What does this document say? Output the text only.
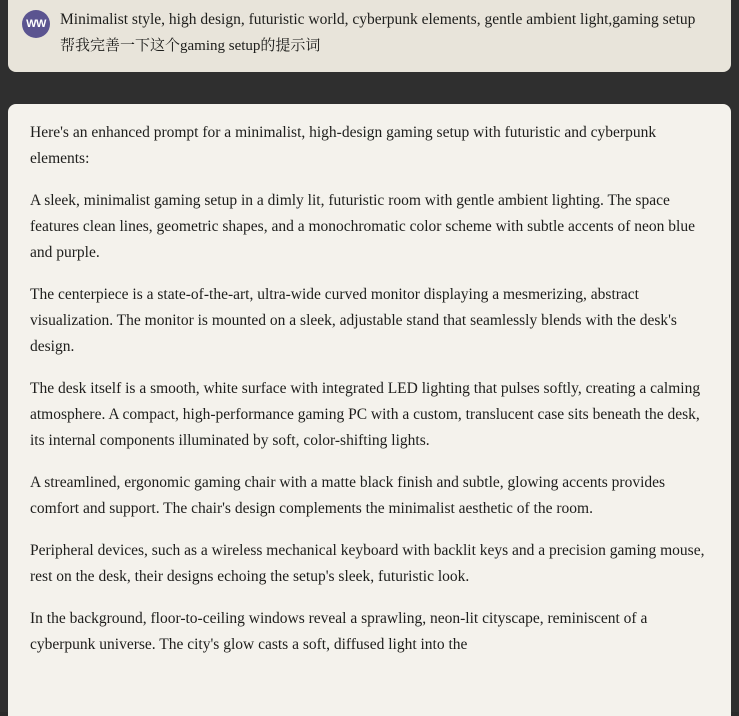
WW Minimalist style, high design, futuristic world, cyberpunk elements, gentle ambient light,gaming setup
帮我完善一下这个gaming setup的提示词

Here's an enhanced prompt for a minimalist, high-design gaming setup with futuristic and cyberpunk elements:

A sleek, minimalist gaming setup in a dimly lit, futuristic room with gentle ambient lighting. The space features clean lines, geometric shapes, and a monochromatic color scheme with subtle accents of neon blue and purple.

The centerpiece is a state-of-the-art, ultra-wide curved monitor displaying a mesmerizing, abstract visualization. The monitor is mounted on a sleek, adjustable stand that seamlessly blends with the desk's design.

The desk itself is a smooth, white surface with integrated LED lighting that pulses softly, creating a calming atmosphere. A compact, high-performance gaming PC with a custom, translucent case sits beneath the desk, its internal components illuminated by soft, color-shifting lights.

A streamlined, ergonomic gaming chair with a matte black finish and subtle, glowing accents provides comfort and support. The chair's design complements the minimalist aesthetic of the room.

Peripheral devices, such as a wireless mechanical keyboard with backlit keys and a precision gaming mouse, rest on the desk, their designs echoing the setup's sleek, futuristic look.

In the background, floor-to-ceiling windows reveal a sprawling, neon-lit cityscape, reminiscent of a cyberpunk universe. The city's glow casts a soft, diffused light into the
